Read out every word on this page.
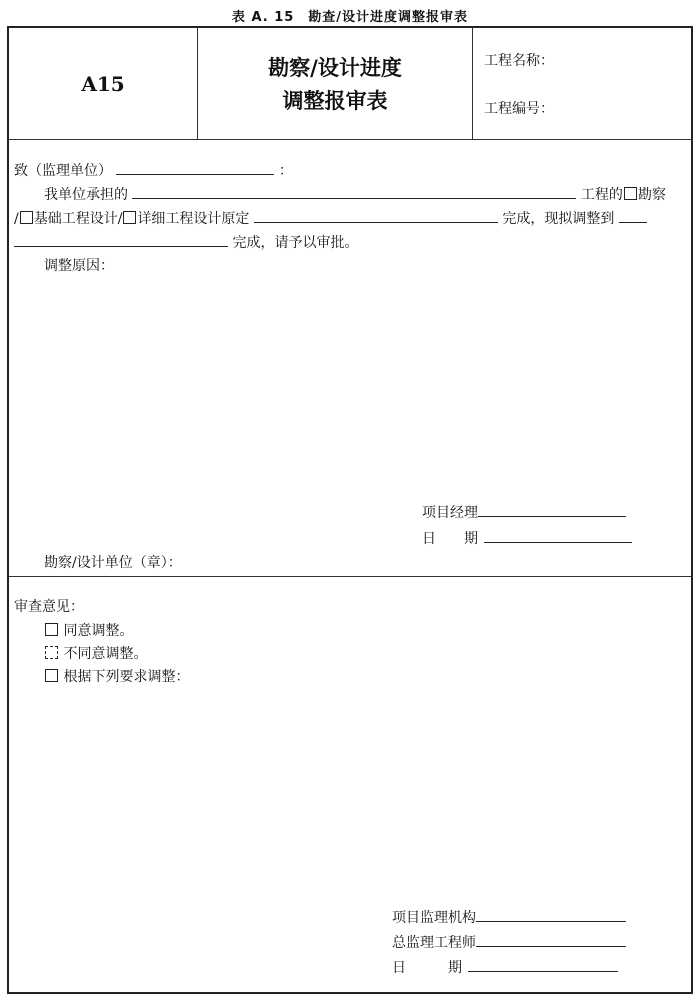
表 A. 15　勘查/设计进度调整报审表
A15
勘察/设计进度
调整报审表
工程名称：
工程编号：
致（监理单位）	：
我单位承担的	工程的 勘察
/ 基础工程设计/ 详细工程设计原定	完成，现拟调整到
完成，请予以审批。
调整原因：
项目经理
日　　期
勘察/设计单位（章）：
审查意见：
同意调整。
不同意调整。
根据下列要求调整：
项目监理机构
总监理工程师
日　　　期
